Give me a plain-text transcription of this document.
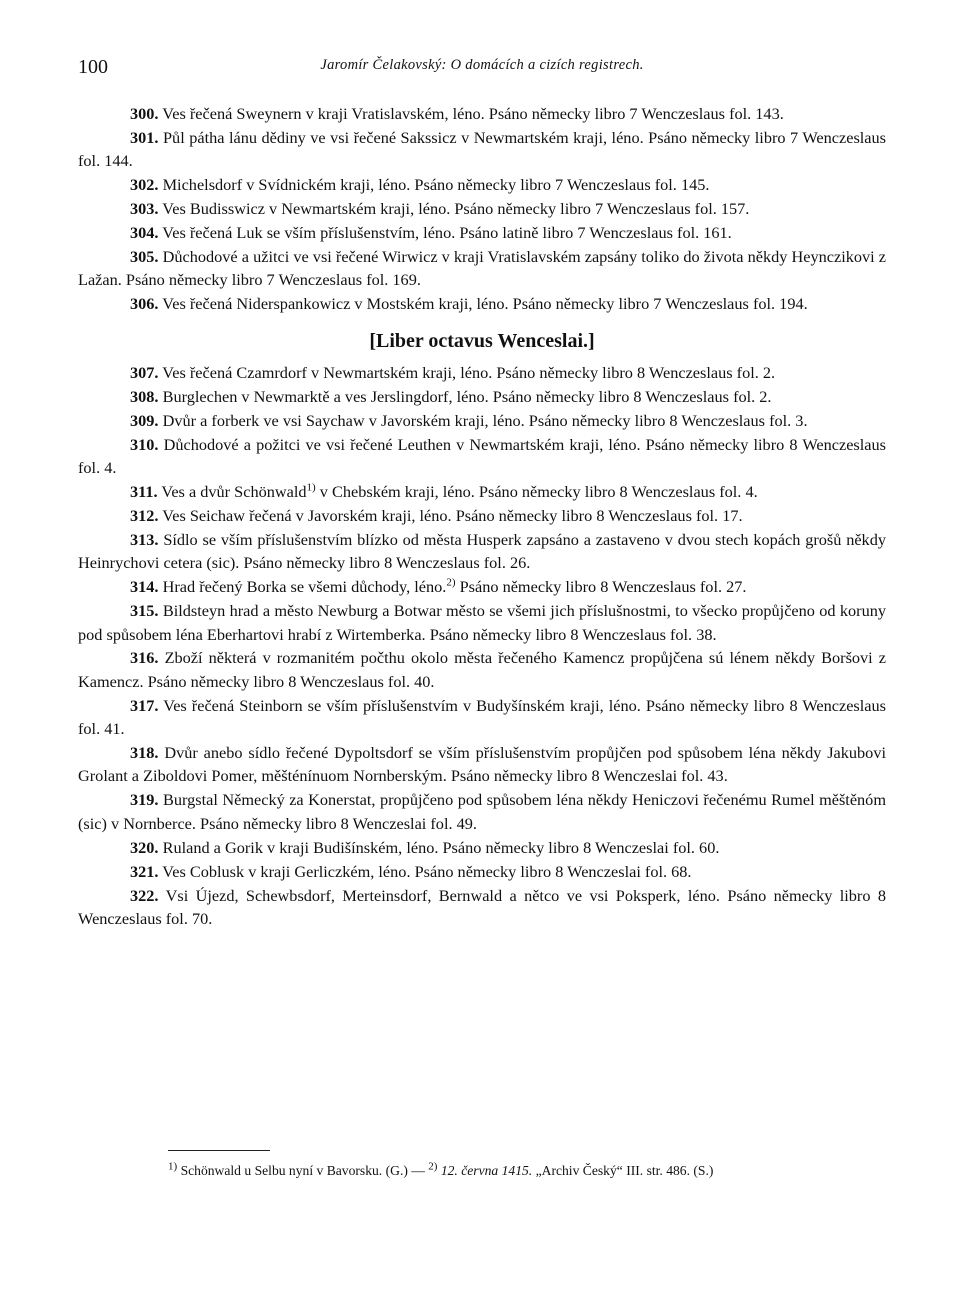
100	Jaromír Čelakovský: O domácích a cizích registrech.

300. Ves řečená Sweynern v kraji Vratislavském, léno. Psáno německy libro 7 Wenczeslaus fol. 143.

301. Půl pátha lánu dědiny ve vsi řečené Sakssicz v Newmartském kraji, léno. Psáno německy libro 7 Wenczeslaus fol. 144.

302. Michelsdorf v Svídnickém kraji, léno. Psáno německy libro 7 Wenczeslaus fol. 145.

303. Ves Budisswicz v Newmartském kraji, léno. Psáno německy libro 7 Wenczeslaus fol. 157.

304. Ves řečená Luk se vším příslušenstvím, léno. Psáno latině libro 7 Wenczeslaus fol. 161.

305. Důchodové a užitci ve vsi řečené Wirwicz v kraji Vratislavském zapsány toliko do života někdy Heynczikovi z Lažan. Psáno německy libro 7 Wenczeslaus fol. 169.

306. Ves řečená Niderspankowicz v Mostském kraji, léno. Psáno německy libro 7 Wenczeslaus fol. 194.

[Liber octavus Wenceslai.]

307. Ves řečená Czamrdorf v Newmartském kraji, léno. Psáno německy libro 8 Wenczeslaus fol. 2.

308. Burglechen v Newmarktě a ves Jerslingdorf, léno. Psáno německy libro 8 Wenczeslaus fol. 2.

309. Dvůr a forberk ve vsi Saychaw v Javorském kraji, léno. Psáno německy libro 8 Wenczeslaus fol. 3.

310. Důchodové a požitci ve vsi řečené Leuthen v Newmartském kraji, léno. Psáno německy libro 8 Wenczeslaus fol. 4.

311. Ves a dvůr Schönwald$^{1)}$ v Chebském kraji, léno. Psáno německy libro 8 Wenczeslaus fol. 4.

312. Ves Seichaw řečená v Javorském kraji, léno. Psáno německy libro 8 Wenczeslaus fol. 17.

313. Sídlo se vším příslušenstvím blízko od města Husperk zapsáno a zastaveno v dvou stech kopách grošů někdy Heinrychovi cetera (sic). Psáno německy libro 8 Wenczeslaus fol. 26.

314. Hrad řečený Borka se všemi důchody, léno.$^{2)}$ Psáno německy libro 8 Wenczeslaus fol. 27.

315. Bildsteyn hrad a město Newburg a Botwar město se všemi jich příslušnostmi, to všecko propůjčeno od koruny pod spůsobem léna Eberhartovi hrabí z Wirtemberka. Psáno německy libro 8 Wenczeslaus fol. 38.

316. Zboží některá v rozmanitém počthu okolo města řečeného Kamencz propůjčena sú lénem někdy Boršovi z Kamencz. Psáno německy libro 8 Wenczeslaus fol. 40.

317. Ves řečená Steinborn se vším příslušenstvím v Budyšínském kraji, léno. Psáno německy libro 8 Wenczeslaus fol. 41.

318. Dvůr anebo sídlo řečené Dypoltsdorf se vším příslušenstvím propůjčen pod spůsobem léna někdy Jakubovi Grolant a Ziboldovi Pomer, měšténínuom Nornberským. Psáno německy libro 8 Wenczeslai fol. 43.

319. Burgstal Německý za Konerstat, propůjčeno pod spůsobem léna někdy Heniczovi řečenému Rumel měštěnóm (sic) v Nornberce. Psáno německy libro 8 Wenczeslai fol. 49.

320. Ruland a Gorik v kraji Budišínském, léno. Psáno německy libro 8 Wenczeslai fol. 60.

321. Ves Coblusk v kraji Gerliczkém, léno. Psáno německy libro 8 Wenczeslai fol. 68.

322. Vsi Újezd, Schewbsdorf, Merteinsdorf, Bernwald a nětco ve vsi Poksperk, léno. Psáno německy libro 8 Wenczeslaus fol. 70.

$^{1)}$ Schönwald u Selbu nyní v Bavorsku. (G.) — $^{2)}$ 12. června 1415. „Archiv Český“ III. str. 486. (S.)
